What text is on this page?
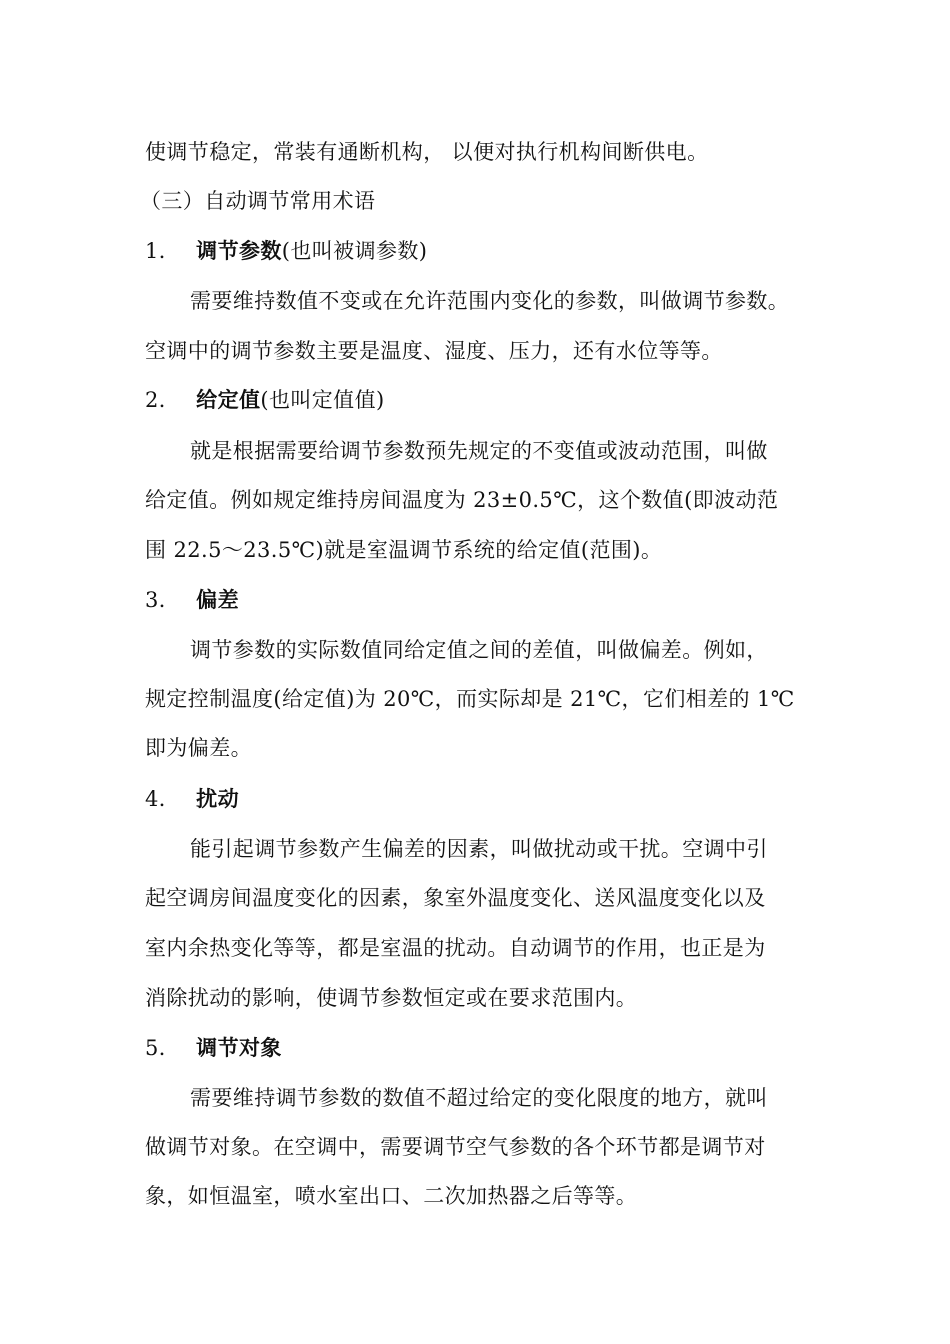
使调节稳定，常装有通断机构， 以便对执行机构间断供电。
（三）自动调节常用术语
1． 调节参数(也叫被调参数)
需要维持数值不变或在允许范围内变化的参数，叫做调节参数。
空调中的调节参数主要是温度、湿度、压力，还有水位等等。
2． 给定值(也叫定值值)
就是根据需要给调节参数预先规定的不变值或波动范围，叫做
给定值。例如规定维持房间温度为 23±0.5℃，这个数值(即波动范
围 22.5～23.5℃)就是室温调节系统的给定值(范围)。
3． 偏差
调节参数的实际数值同给定值之间的差值，叫做偏差。例如，
规定控制温度(给定值)为 20℃，而实际却是 21℃，它们相差的 1℃
即为偏差。
4． 扰动
能引起调节参数产生偏差的因素，叫做扰动或干扰。空调中引
起空调房间温度变化的因素，象室外温度变化、送风温度变化以及
室内余热变化等等，都是室温的扰动。自动调节的作用，也正是为
消除扰动的影响，使调节参数恒定或在要求范围内。
5． 调节对象
需要维持调节参数的数值不超过给定的变化限度的地方，就叫
做调节对象。在空调中，需要调节空气参数的各个环节都是调节对
象，如恒温室，喷水室出口、二次加热器之后等等。
